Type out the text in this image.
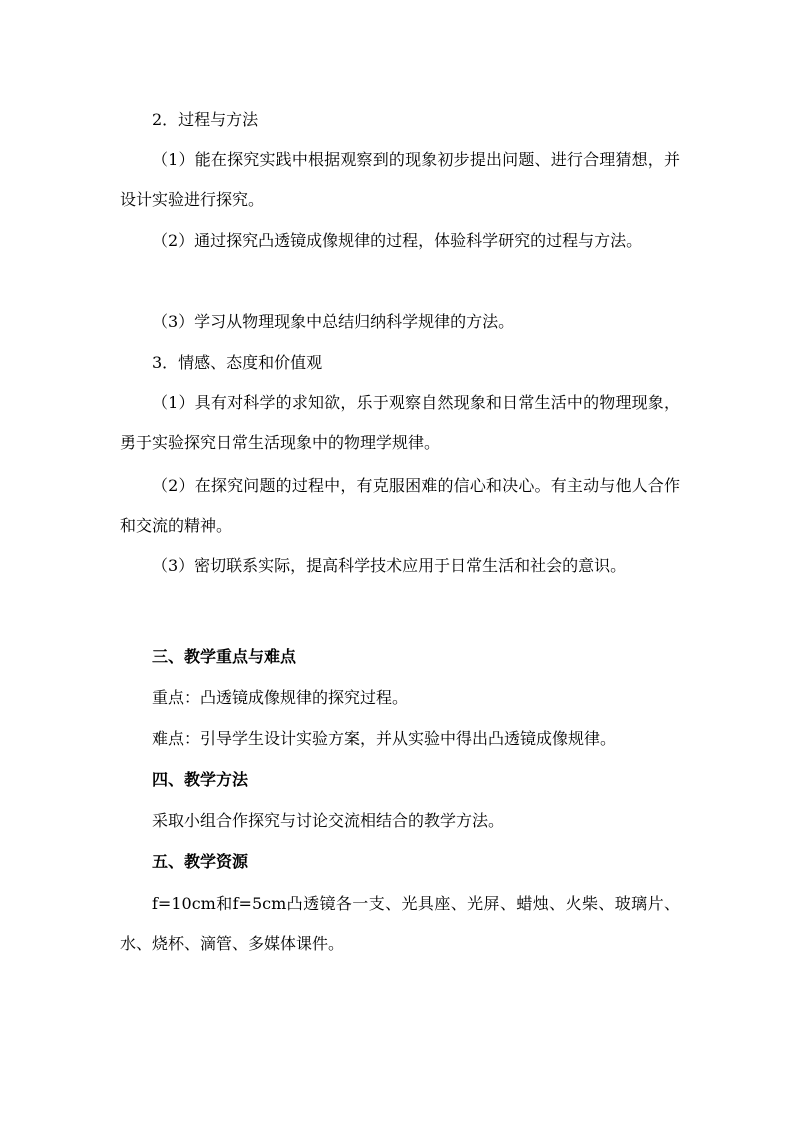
2．过程与方法

（1）能在探究实践中根据观察到的现象初步提出问题、进行合理猜想，并设计实验进行探究。

（2）通过探究凸透镜成像规律的过程，体验科学研究的过程与方法。

（3）学习从物理现象中总结归纳科学规律的方法。

3．情感、态度和价值观

（1）具有对科学的求知欲，乐于观察自然现象和日常生活中的物理现象，勇于实验探究日常生活现象中的物理学规律。

（2）在探究问题的过程中，有克服困难的信心和决心。有主动与他人合作和交流的精神。

（3）密切联系实际，提高科学技术应用于日常生活和社会的意识。

三、教学重点与难点

重点：凸透镜成像规律的探究过程。

难点：引导学生设计实验方案，并从实验中得出凸透镜成像规律。

四、教学方法

采取小组合作探究与讨论交流相结合的教学方法。

五、教学资源

f=10cm和f=5cm凸透镜各一支、光具座、光屏、蜡烛、火柴、玻璃片、水、烧杯、滴管、多媒体课件。
